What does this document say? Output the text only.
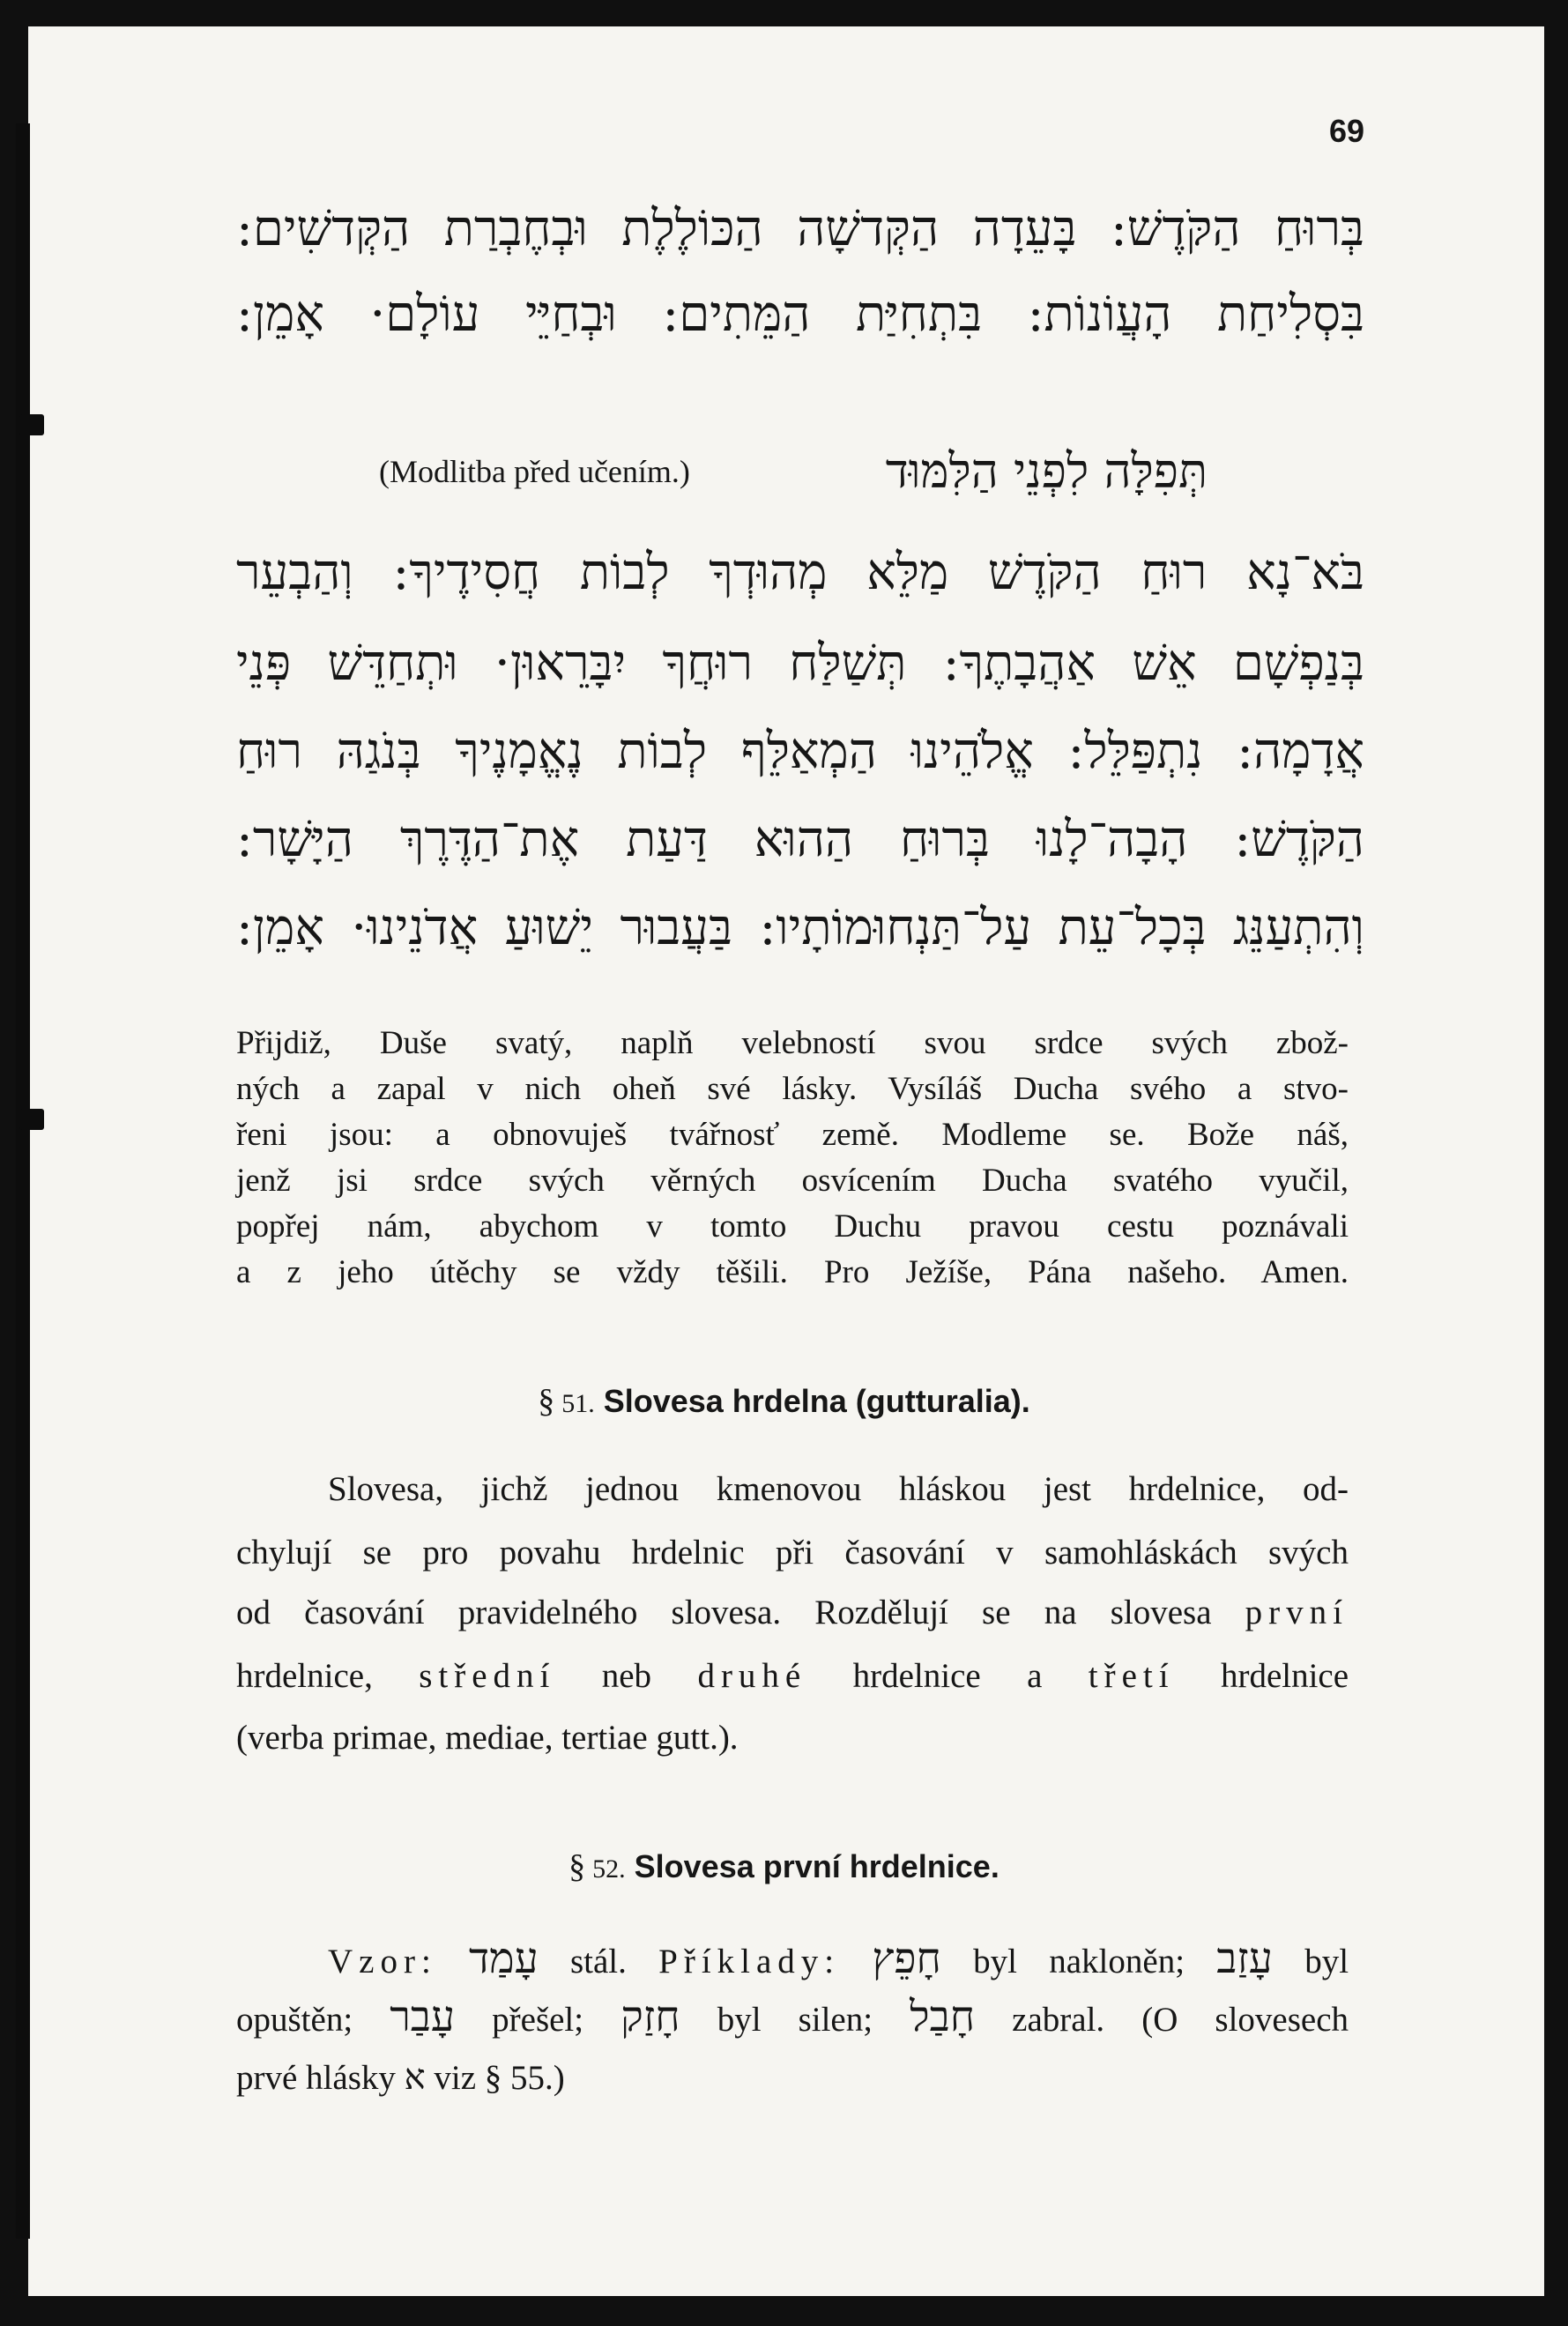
69
בְּרוּחַ הַקֹּדֶשׁ: בָּעֵדָה הַקְּדשָׁה הַכּוֹלֶלֶת וּבְחֶבְרַת הַקְּדשִׁים:
בִּסְלִיחַת הָעֲוֹנוֹת: בִּתְחִיַּת הַמֵּתִים: וּבְחַיֵּי עוֹלָם· אָמֵן:
(Modlitba před učením.)	תְּפִלָּה לִפְנֵי הַלִּמּוּד
בֹּא־נָא רוּחַ הַקֹּדֶשׁ מַלֵּא מְהוּדְךָ לְבוֹת חֲסִידֶיךָ: וְהַבְעֵר
בְּנַפְשָׁם אֵשׁ אַהֲבָתֶךָ: תְּשַׁלַּח רוּחֲךָ יִבָּרֵאוּן· וּתְחַדֵּשׁ פְּנֵי
אֲדָמָה: נִתְפַּלֵּל: אֱלֹהֵינוּ הַמְאַלֵּף לְבוֹת נֶאֱמָנֶיךָ בְּנֹגַהּ רוּחַ
הַקֹּדֶשׁ: הָבָה־לָנוּ בְּרוּחַ הַהוּא דַּעַת אֶת־הַדֶּרֶךְ הַיָּשָׁר:
וְהִתְעַנֵּג בְּכָל־עֵת עַל־תַּנְחוּמוֹתָיו: בַּעֲבוּר יֵשׁוּעַ אֲדֹנֵינוּ· אָמֵן:
Přijdiž, Duše svatý, naplň velebností svou srdce svých zbož-
ných a zapal v nich oheň své lásky. Vysíláš Ducha svého a stvo-
řeni jsou: a obnovuješ tvářnosť země. Modleme se. Bože náš,
jenž jsi srdce svých věrných osvícením Ducha svatého vyučil,
popřej nám, abychom v tomto Duchu pravou cestu poznávali
a z jeho útěchy se vždy těšili. Pro Ježíše, Pána našeho. Amen.
§ 51. Slovesa hrdelna (gutturalia).
Slovesa, jichž jednou kmenovou hláskou jest hrdelnice, od-
chylují se pro povahu hrdelnic při časování v samohláskách svých
od časování pravidelného slovesa. Rozdělují se na slovesa první
hrdelnice, střední neb druhé hrdelnice a třetí hrdelnice
(verba primae, mediae, tertiae gutt.).
§ 52. Slovesa první hrdelnice.
Vzor: עָמַד stál. Příklady: חָפֵץ byl nakloněn; עָזַב byl
opuštěn; עָבַר přešel; חָזַק byl silen; חָבַל zabral. (O slovesech
prvé hlásky א viz § 55.)
